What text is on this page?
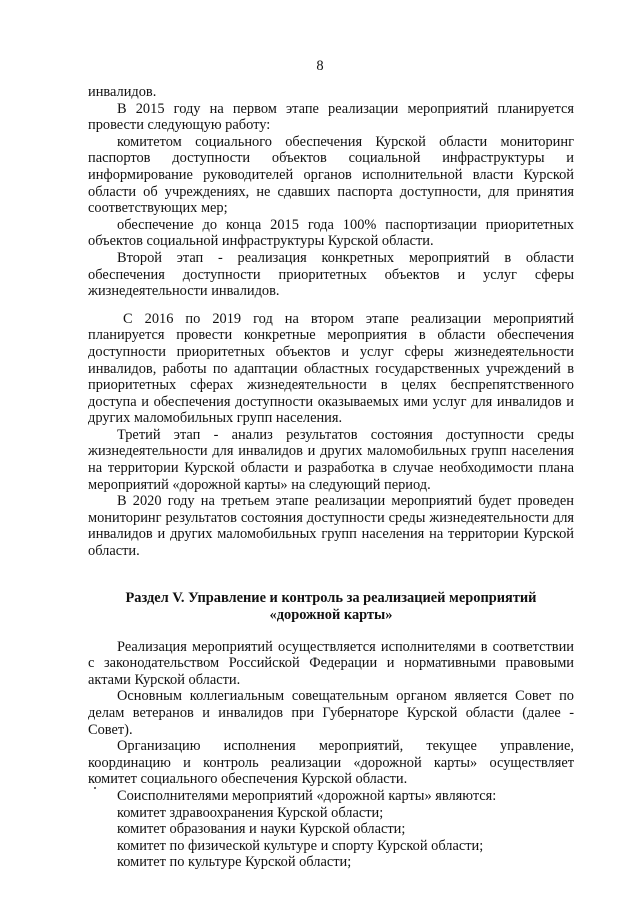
8

инвалидов.

В 2015 году на первом этапе реализации мероприятий планируется провести следующую работу:

комитетом социального обеспечения Курской области мониторинг паспортов доступности объектов социальной инфраструктуры и информирование руководителей органов исполнительной власти Курской области об учреждениях, не сдавших паспорта доступности, для принятия соответствующих мер;

обеспечение до конца 2015 года 100% паспортизации приоритетных объектов социальной инфраструктуры Курской области.

Второй этап - реализация конкретных мероприятий в области обеспечения доступности приоритетных объектов и услуг сферы жизнедеятельности инвалидов.

С 2016 по 2019 год на втором этапе реализации мероприятий планируется провести конкретные мероприятия в области обеспечения доступности приоритетных объектов и услуг сферы жизнедеятельности инвалидов, работы по адаптации областных государственных учреждений в приоритетных сферах жизнедеятельности в целях беспрепятственного доступа и обеспечения доступности оказываемых ими услуг для инвалидов и других маломобильных групп населения.

Третий этап - анализ результатов состояния доступности среды жизнедеятельности для инвалидов и других маломобильных групп населения на территории Курской области и разработка в случае необходимости плана мероприятий «дорожной карты» на следующий период.

В 2020 году на третьем этапе реализации мероприятий будет проведен мониторинг результатов состояния доступности среды жизнедеятельности для инвалидов и других маломобильных групп населения на территории Курской области.

Раздел V. Управление и контроль за реализацией мероприятий
«дорожной карты»

Реализация мероприятий осуществляется исполнителями в соответствии с законодательством Российской Федерации и нормативными правовыми актами Курской области.

Основным коллегиальным совещательным органом является Совет по делам ветеранов и инвалидов при Губернаторе Курской области (далее - Совет).

Организацию исполнения мероприятий, текущее управление, координацию и контроль реализации «дорожной карты» осуществляет комитет социального обеспечения Курской области.

Соисполнителями мероприятий «дорожной карты» являются:

комитет здравоохранения Курской области;

комитет образования и науки Курской области;

комитет по физической культуре и спорту Курской области;

комитет по культуре Курской области;
